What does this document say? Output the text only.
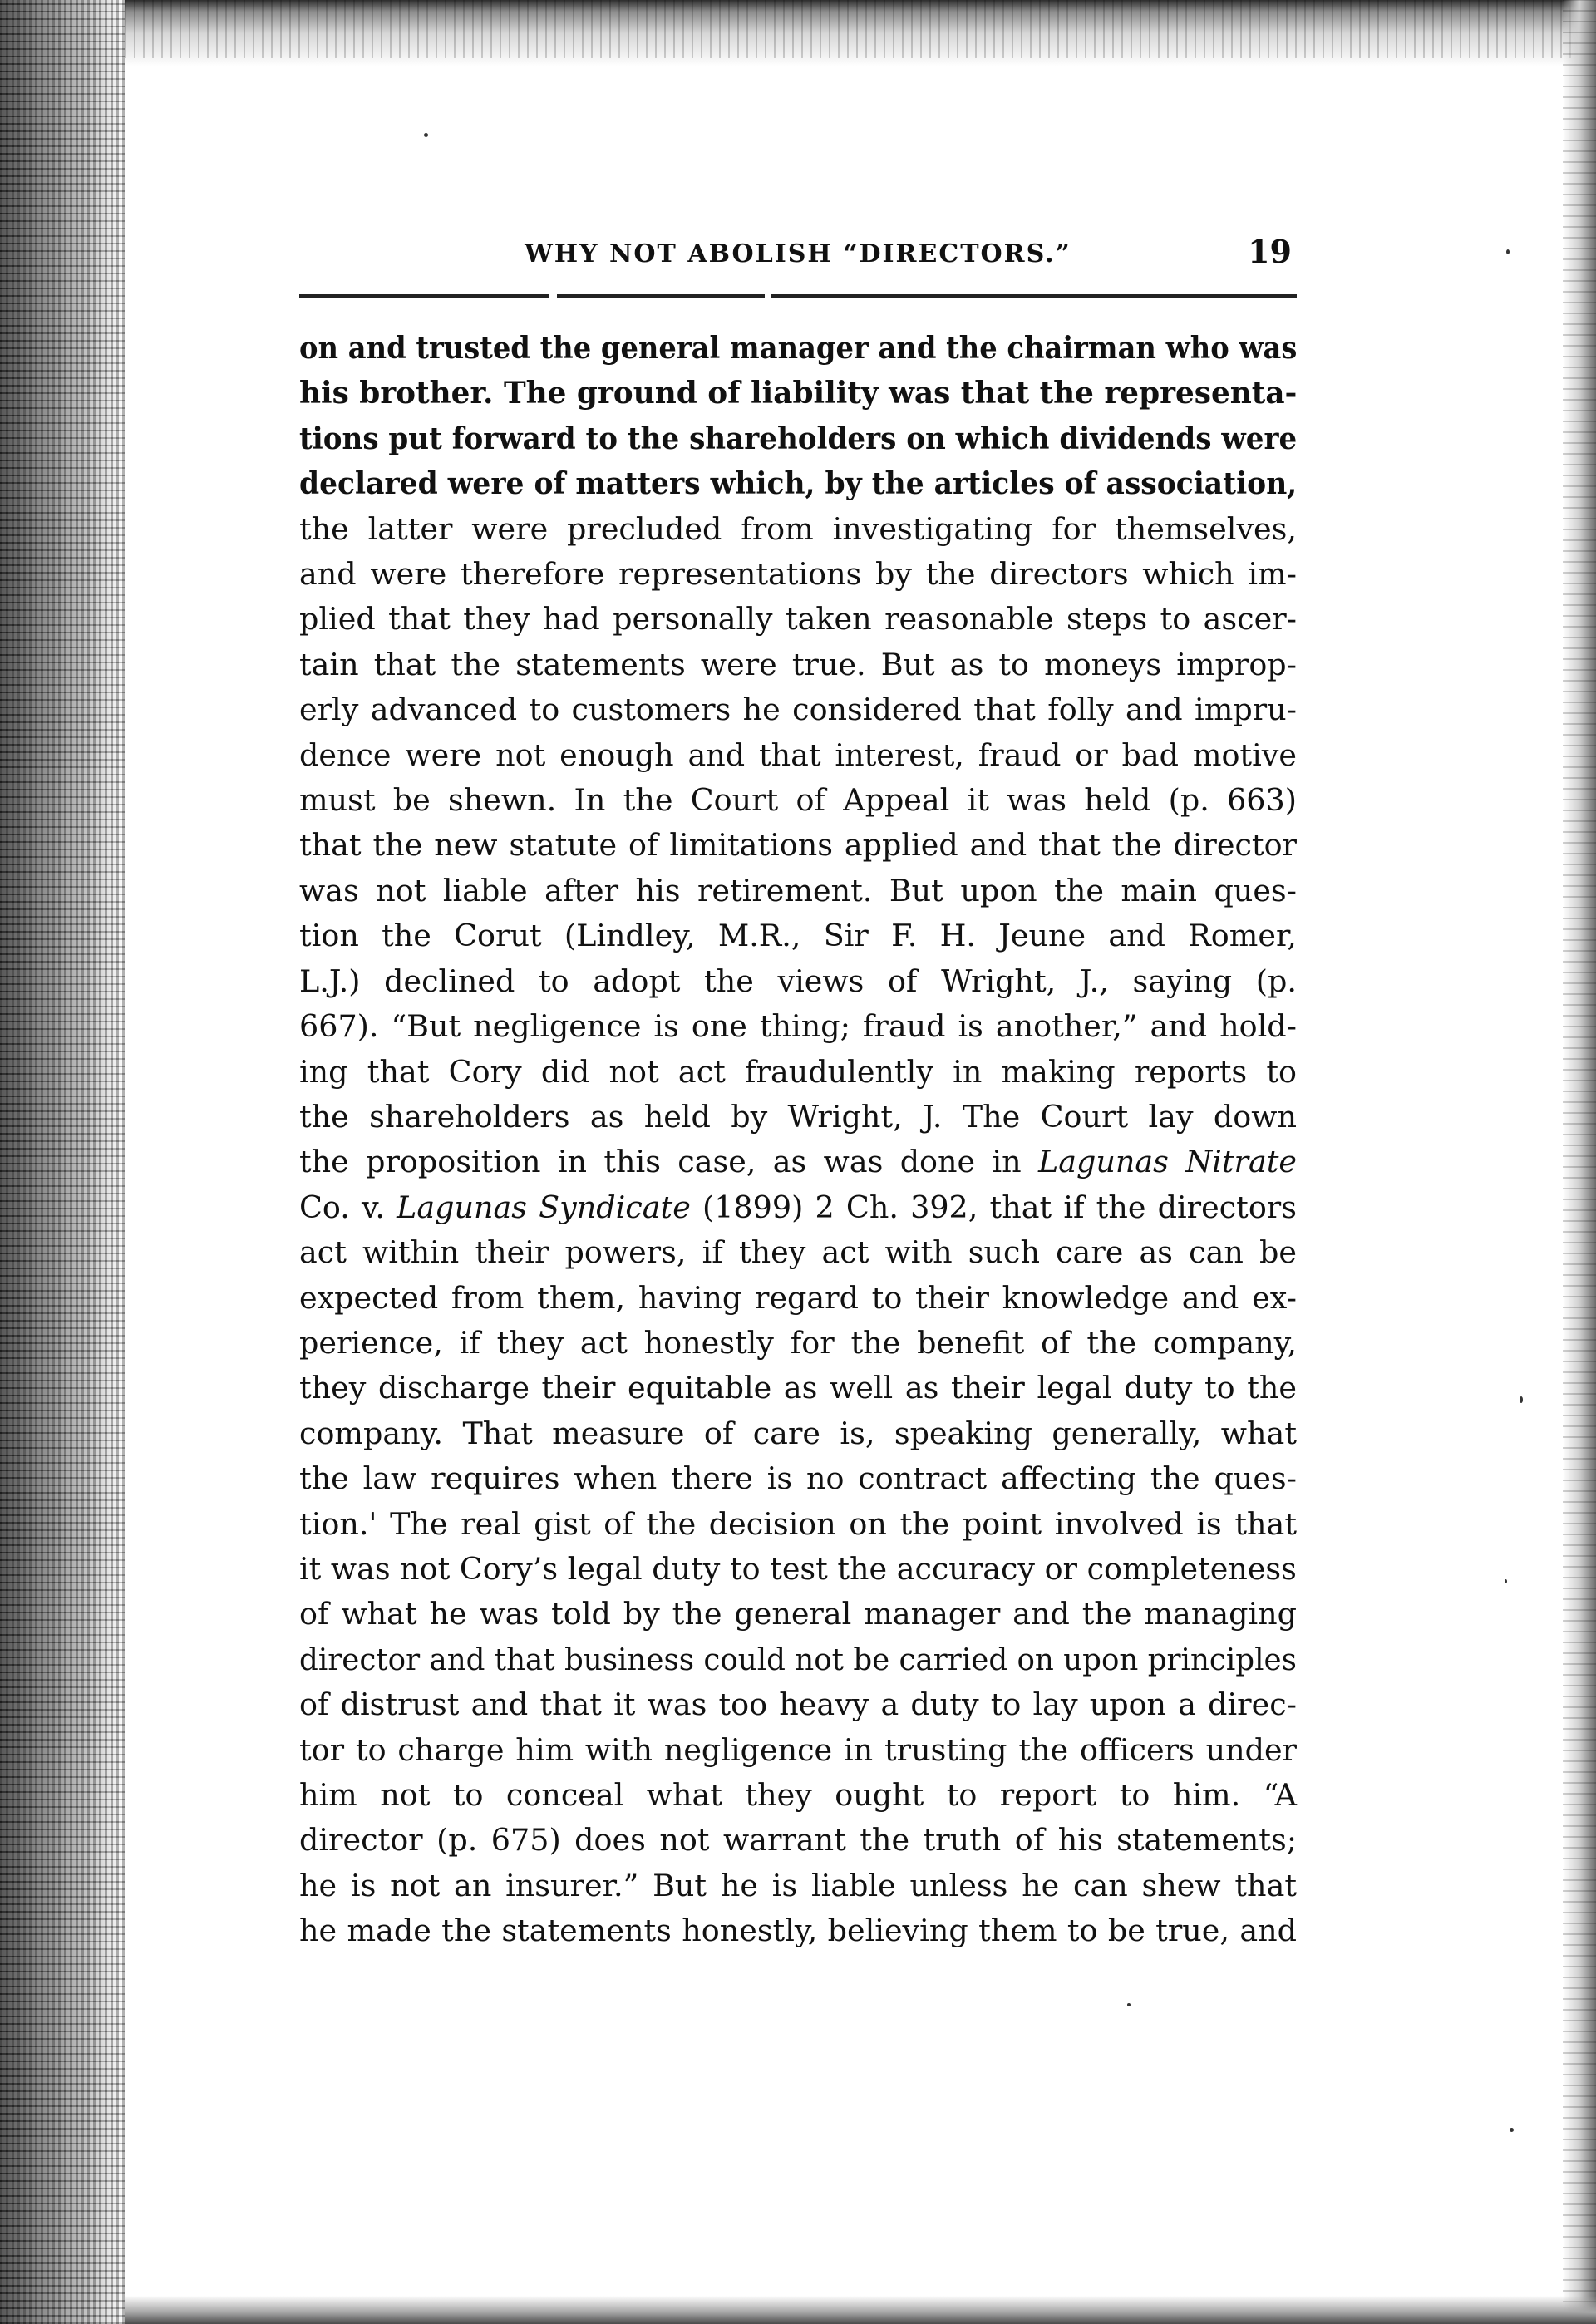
WHY NOT ABOLISH “DIRECTORS.”	19
on and trusted the general manager and the chairman who was
his brother. The ground of liability was that the representa-
tions put forward to the shareholders on which dividends were
declared were of matters which, by the articles of association,
the latter were precluded from investigating for themselves,
and were therefore representations by the directors which im-
plied that they had personally taken reasonable steps to ascer-
tain that the statements were true. But as to moneys improp-
erly advanced to customers he considered that folly and impru-
dence were not enough and that interest, fraud or bad motive
must be shewn. In the Court of Appeal it was held (p. 663)
that the new statute of limitations applied and that the director
was not liable after his retirement. But upon the main ques-
tion the Corut (Lindley, M.R., Sir F. H. Jeune and Romer,
L.J.) declined to adopt the views of Wright, J., saying (p.
667). “But negligence is one thing; fraud is another,” and hold-
ing that Cory did not act fraudulently in making reports to
the shareholders as held by Wright, J. The Court lay down
the proposition in this case, as was done in Lagunas Nitrate
Co. v. Lagunas Syndicate (1899) 2 Ch. 392, that if the directors
act within their powers, if they act with such care as can be
expected from them, having regard to their knowledge and ex-
perience, if they act honestly for the benefit of the company,
they discharge their equitable as well as their legal duty to the
company. That measure of care is, speaking generally, what
the law requires when there is no contract affecting the ques-
tion.' The real gist of the decision on the point involved is that
it was not Cory’s legal duty to test the accuracy or completeness
of what he was told by the general manager and the managing
director and that business could not be carried on upon principles
of distrust and that it was too heavy a duty to lay upon a direc-
tor to charge him with negligence in trusting the officers under
him not to conceal what they ought to report to him. “A
director (p. 675) does not warrant the truth of his statements;
he is not an insurer.” But he is liable unless he can shew that
he made the statements honestly, believing them to be true, and
